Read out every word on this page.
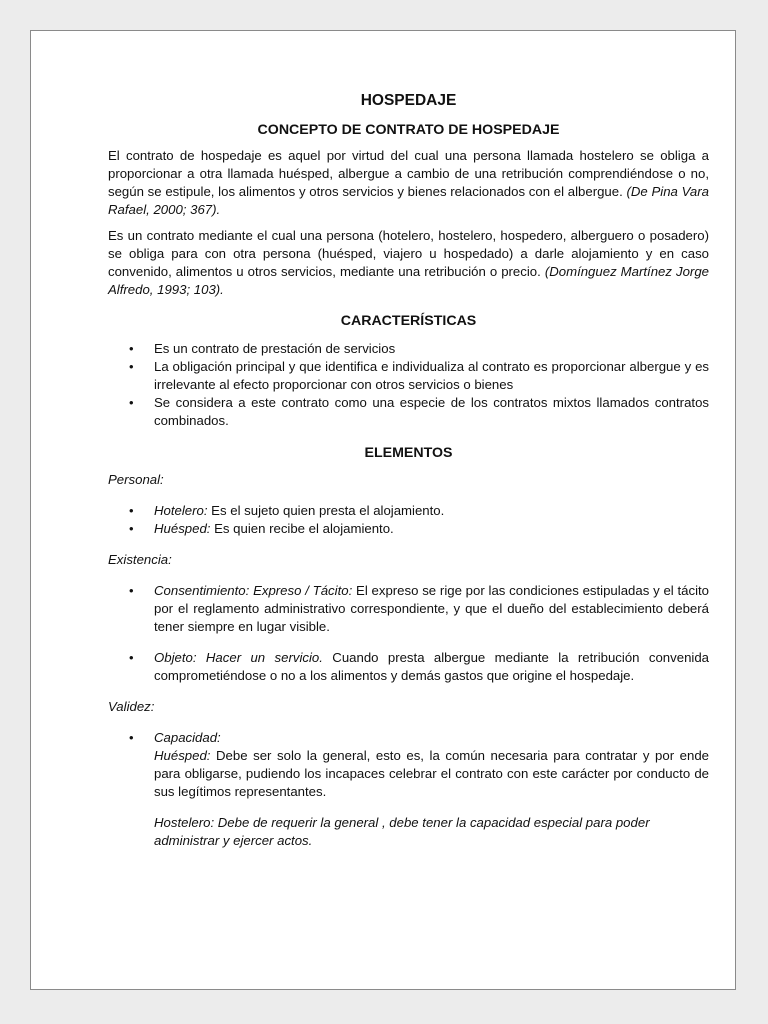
HOSPEDAJE
CONCEPTO DE CONTRATO DE HOSPEDAJE

El contrato de hospedaje es aquel por virtud del cual una persona llamada hostelero se obliga a proporcionar a otra llamada huésped, albergue a cambio de una retribución comprendiéndose o no, según se estipule, los alimentos y otros servicios y bienes relacionados con el albergue. (De Pina Vara Rafael, 2000; 367).

Es un contrato mediante el cual una persona (hotelero, hostelero, hospedero, alberguero o posadero) se obliga para con otra persona (huésped, viajero u hospedado) a darle alojamiento y en caso convenido, alimentos u otros servicios, mediante una retribución o precio. (Domínguez Martínez Jorge Alfredo, 1993; 103).

CARACTERÍSTICAS
• Es un contrato de prestación de servicios
• La obligación principal y que identifica e individualiza al contrato es proporcionar albergue y es irrelevante al efecto proporcionar con otros servicios o bienes
• Se considera a este contrato como una especie de los contratos mixtos llamados contratos combinados.
ELEMENTOS

Personal:

• Hotelero: Es el sujeto quien presta el alojamiento.
• Huésped: Es quien recibe el alojamiento.

Existencia:

• Consentimiento: Expreso / Tácito: El expreso se rige por las condiciones estipuladas y el tácito por el reglamento administrativo correspondiente, y que el dueño del establecimiento deberá tener siempre en lugar visible.
• Objeto: Hacer un servicio. Cuando presta albergue mediante la retribución convenida comprometiéndose o no a los alimentos y demás gastos que origine el hospedaje.

Validez:

• Capacidad:
Huésped: Debe ser solo la general, esto es, la común necesaria para contratar y por ende para obligarse, pudiendo los incapaces celebrar el contrato con este carácter por conducto de sus legítimos representantes.
Hostelero: Debe de requerir la general , debe tener la capacidad especial para poder administrar y ejercer actos.
